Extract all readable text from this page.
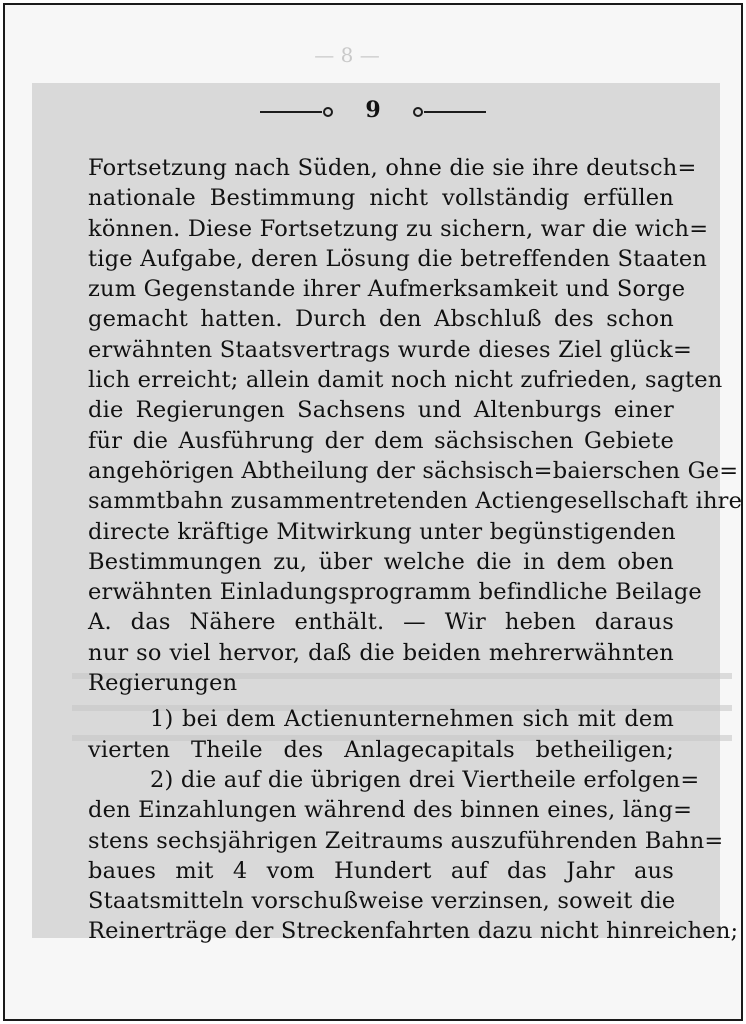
— 8 —
9
Fortsetzung nach Süden, ohne die sie ihre deutsch=
nationale Bestimmung nicht vollständig erfüllen
können. Diese Fortsetzung zu sichern, war die wich=
tige Aufgabe, deren Lösung die betreffenden Staaten
zum Gegenstande ihrer Aufmerksamkeit und Sorge
gemacht hatten. Durch den Abschluß des schon
erwähnten Staatsvertrags wurde dieses Ziel glück=
lich erreicht; allein damit noch nicht zufrieden, sagten
die Regierungen Sachsens und Altenburgs einer
für die Ausführung der dem sächsischen Gebiete
angehörigen Abtheilung der sächsisch=baierschen Ge=
sammtbahn zusammentretenden Actiengesellschaft ihre
directe kräftige Mitwirkung unter begünstigenden
Bestimmungen zu, über welche die in dem oben
erwähnten Einladungsprogramm befindliche Beilage
A. das Nähere enthält. — Wir heben daraus
nur so viel hervor, daß die beiden mehrerwähnten
Regierungen
1) bei dem Actienunternehmen sich mit dem
vierten Theile des Anlagecapitals betheiligen;
2) die auf die übrigen drei Viertheile erfolgen=
den Einzahlungen während des binnen eines, läng=
stens sechsjährigen Zeitraums auszuführenden Bahn=
baues mit 4 vom Hundert auf das Jahr aus
Staatsmitteln vorschußweise verzinsen, soweit die
Reinerträge der Streckenfahrten dazu nicht hinreichen;
